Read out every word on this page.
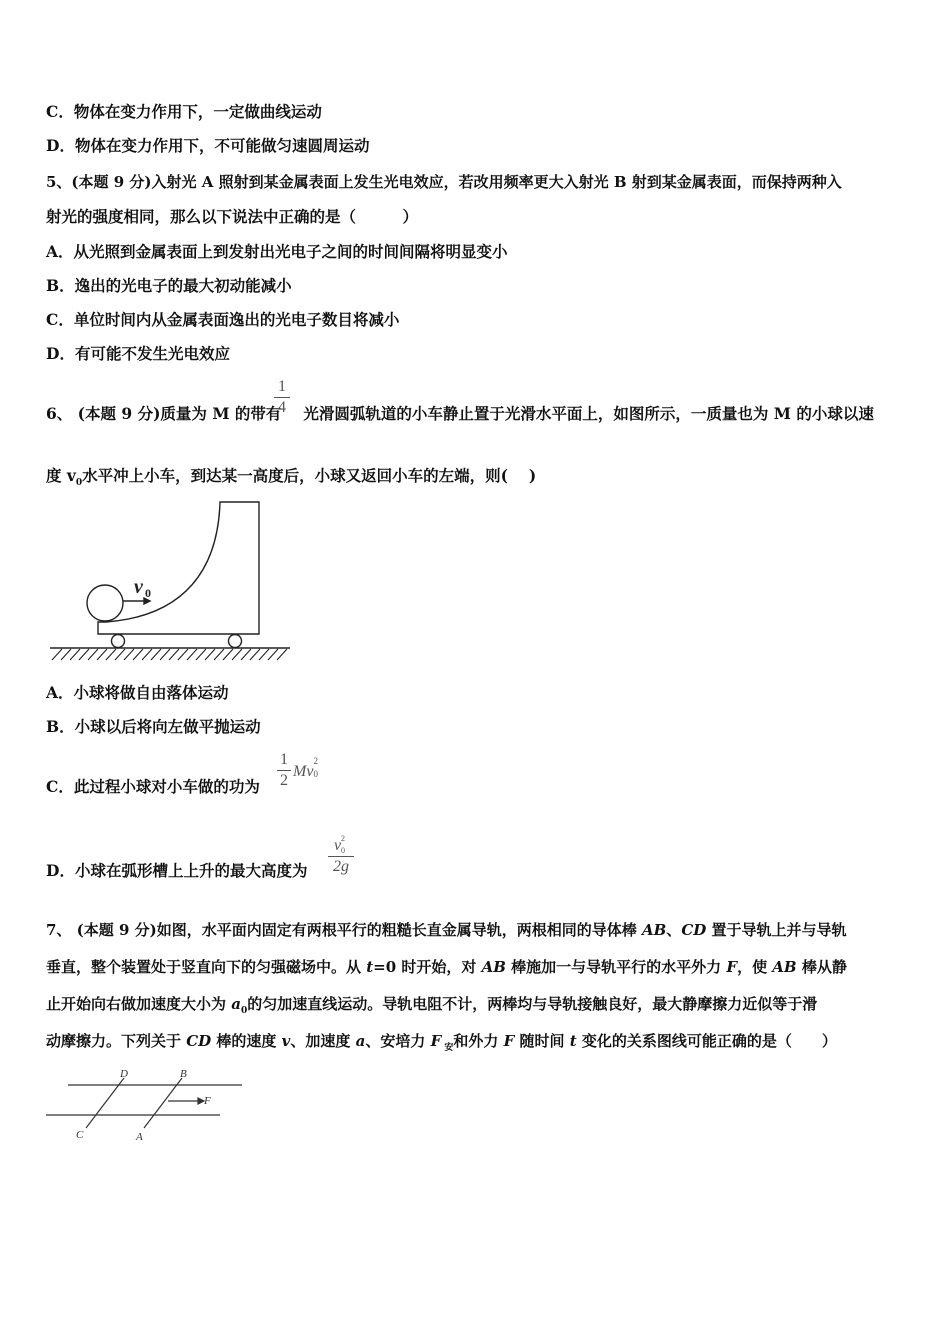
C．物体在变力作用下，一定做曲线运动
D．物体在变力作用下，不可能做匀速圆周运动
5、(本题 9 分)入射光 A 照射到某金属表面上发生光电效应，若改用频率更大入射光 B 射到某金属表面，而保持两种入
射光的强度相同，那么以下说法中正确的是（　　　）
A．从光照到金属表面上到发射出光电子之间的时间间隔将明显变小
B．逸出的光电子的最大初动能减小
C．单位时间内从金属表面逸出的光电子数目将减小
D．有可能不发生光电效应
6、 (本题 9 分)质量为 M 的带有 光滑圆弧轨道的小车静止置于光滑水平面上，如图所示，一质量也为 M 的小球以速
1
4
度 $v_0$水平冲上小车，到达某一高度后，小球又返回小车的左端，则(　 )
v 0
A．小球将做自由落体运动
B．小球以后将向左做平抛运动
C．此过程小球对小车做的功为
1
2
Mv
2
0
D．小球在弧形槽上上升的最大高度为
v 2
0
2g
7、 (本题 9 分)如图，水平面内固定有两根平行的粗糙长直金属导轨，两根相同的导体棒 AB、CD 置于导轨上并与导轨
垂直，整个装置处于竖直向下的匀强磁场中。从 t=0 时开始，对 AB 棒施加一与导轨平行的水平外力 F，使 AB 棒从静
止开始向右做加速度大小为 $a_0$的匀加速直线运动。导轨电阻不计，两棒均与导轨接触良好，最大静摩擦力近似等于滑
动摩擦力。下列关于 CD 棒的速度 v、加速度 a、安培力 F $_安$和外力 F 随时间 t 变化的关系图线可能正确的是（　　）
D	B
F
C	A
